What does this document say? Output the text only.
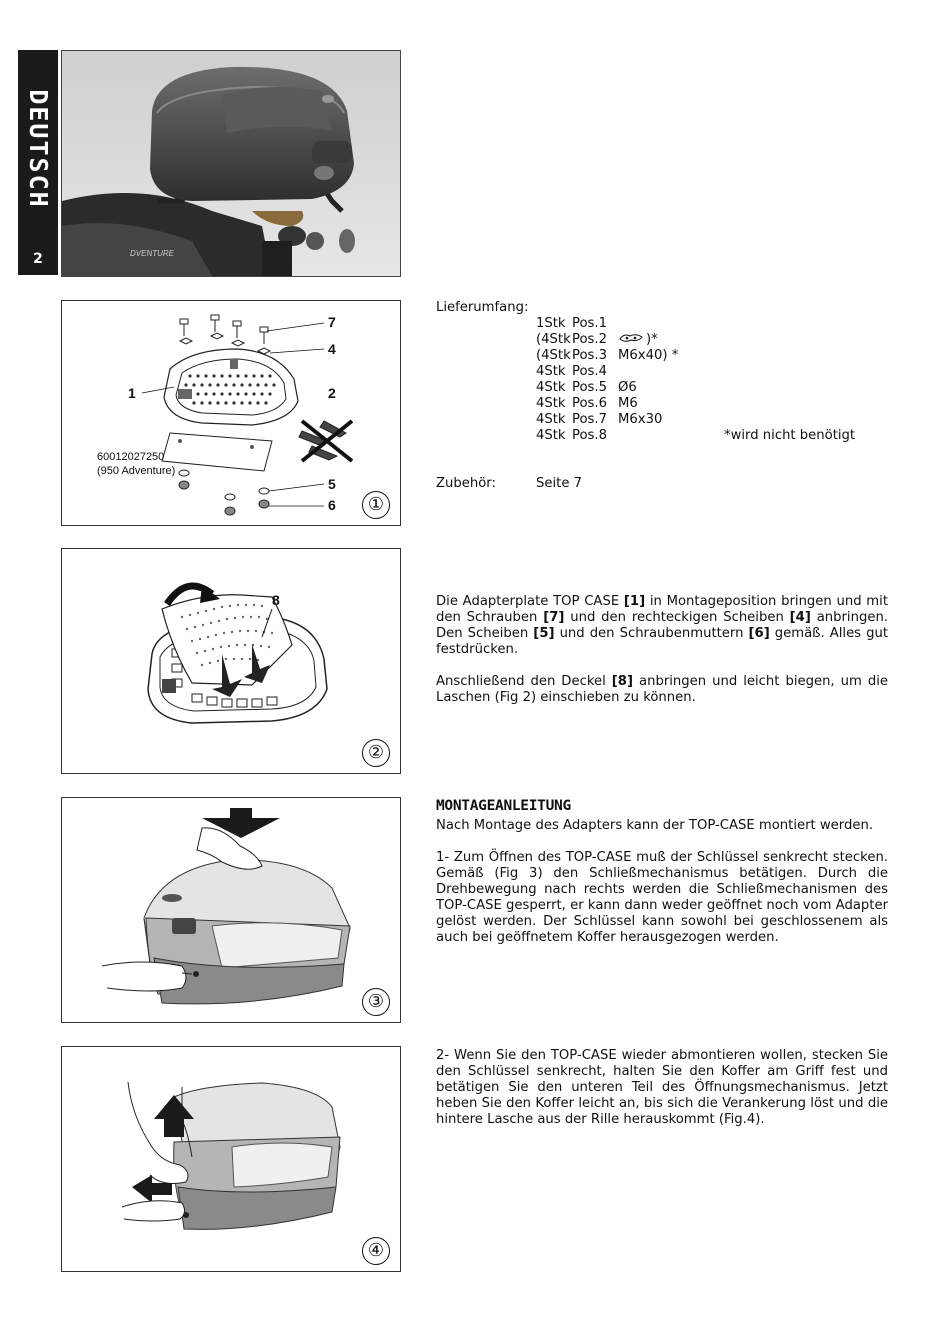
DEUTSCH
2	DVENTURE
7
4
1	2
5
6
60012027250
(950 Adventure)
①
8
②
③
④
Lieferumfang:
1Stk Pos.1
(4Stk Pos.2	)*
(4Stk Pos.3 M6x40) *
4Stk Pos.4
4Stk Pos.5 Ø6
4Stk Pos.6 M6
4Stk Pos.7 M6x30
4Stk Pos.8	*wird nicht benötigt
Zubehör:	Seite 7

Die Adapterplate TOP CASE [1] in Montageposition bringen und mit den Schrauben [7] und den rechteckigen Scheiben [4] anbringen. Den Scheiben [5] und den Schraubenmuttern [6] gemäß. Alles gut festdrücken.

Anschließend den Deckel [8] anbringen und leicht biegen, um die Laschen (Fig 2) einschieben zu können.

MONTAGEANLEITUNG

Nach Montage des Adapters kann der TOP-CASE montiert werden.

1- Zum Öffnen des TOP-CASE muß der Schlüssel senkrecht stecken. Gemäß (Fig 3) den Schließmechanismus betätigen. Durch die Drehbewegung nach rechts werden die Schließmechanismen des TOP-CASE gesperrt, er kann dann weder geöffnet noch vom Adapter gelöst werden. Der Schlüssel kann sowohl bei geschlossenem als auch bei geöffnetem Koffer herausgezogen werden.

2- Wenn Sie den TOP-CASE wieder abmontieren wollen, stecken Sie den Schlüssel senkrecht, halten Sie den Koffer am Griff fest und betätigen Sie den unteren Teil des Öffnungsmechanismus. Jetzt heben Sie den Koffer leicht an, bis sich die Verankerung löst und die hintere Lasche aus der Rille herauskommt (Fig.4).
